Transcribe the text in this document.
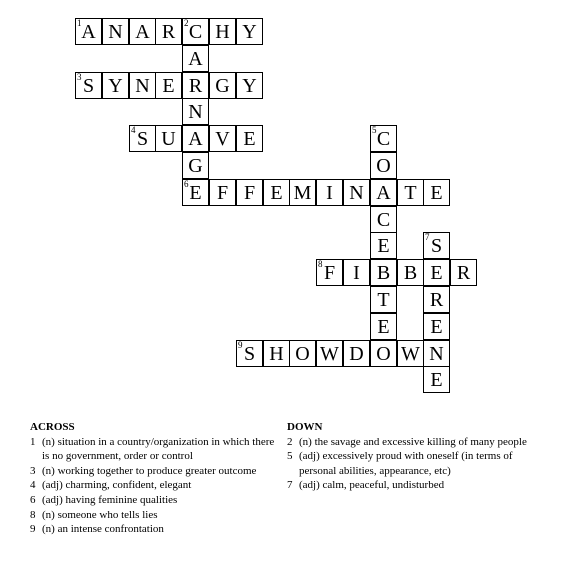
1 A N A R 2 C H Y
A
3 S Y N E R G Y
N
4 S U A V E	5 C
G	O
6 E F F E M I N A T E
C
E	7 S
8 F I B B E R
T	R
E	E
9 S H O W D O W N
E
ACROSS
1 (n) situation in a country/organization in which there is no government, order or control
3 (n) working together to produce greater outcome
4 (adj) charming, confident, elegant
6 (adj) having feminine qualities
8 (n) someone who tells lies
9 (n) an intense confrontation
DOWN
2 (n) the savage and excessive killing of many people
5 (adj) excessively proud with oneself (in terms of personal abilities, appearance, etc)
7 (adj) calm, peaceful, undisturbed
